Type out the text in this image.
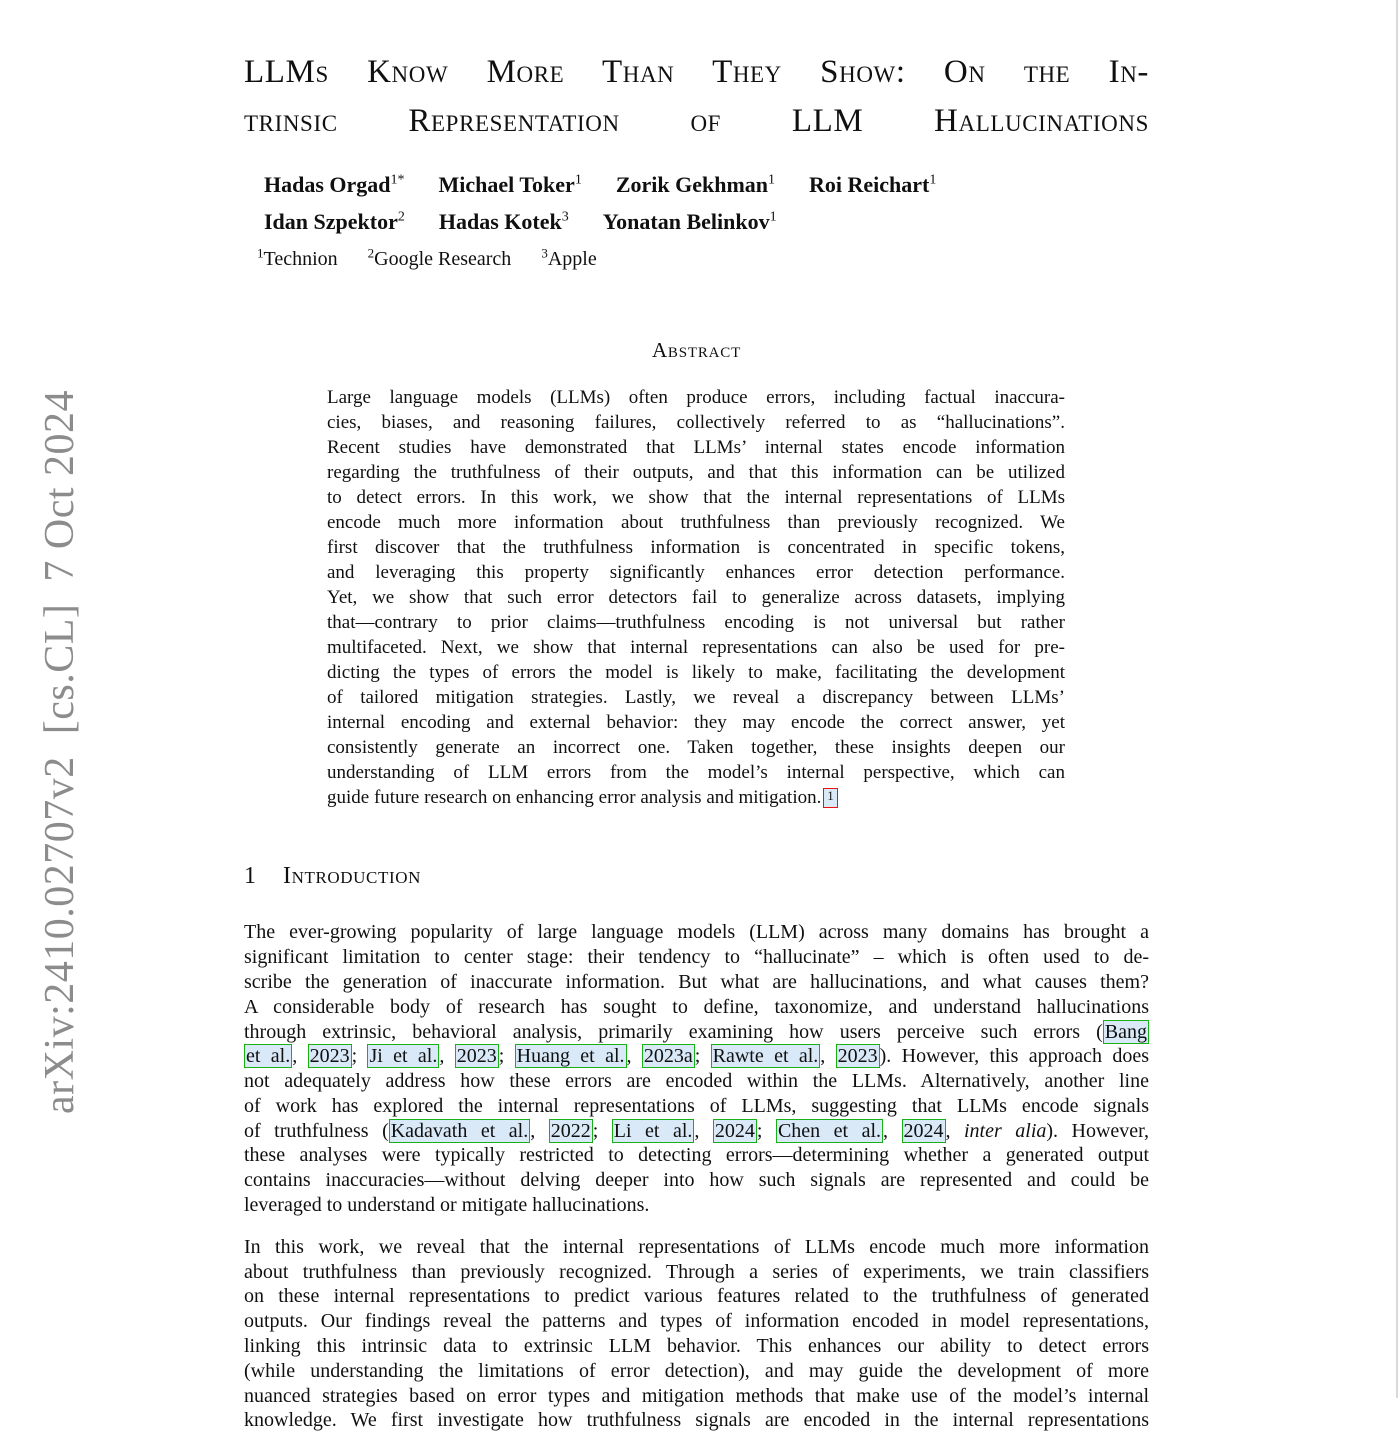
arXiv:2410.02707v2  [cs.CL]  7 Oct 2024
LLMs Know More Than They Show: On the In-
trinsic Representation of LLM Hallucinations
Hadas Orgad$^{1*}$ Michael Toker$^1$ Zorik Gekhman$^1$ Roi Reichart$^1$
Idan Szpektor$^2$ Hadas Kotek$^3$ Yonatan Belinkov$^1$
$^1$Technion $^2$Google Research $^3$Apple
Abstract
Large language models (LLMs) often produce errors, including factual inaccura-
cies, biases, and reasoning failures, collectively referred to as “hallucinations”.
Recent studies have demonstrated that LLMs’ internal states encode information
regarding the truthfulness of their outputs, and that this information can be utilized
to detect errors. In this work, we show that the internal representations of LLMs
encode much more information about truthfulness than previously recognized. We
first discover that the truthfulness information is concentrated in specific tokens,
and leveraging this property significantly enhances error detection performance.
Yet, we show that such error detectors fail to generalize across datasets, implying
that—contrary to prior claims—truthfulness encoding is not universal but rather
multifaceted. Next, we show that internal representations can also be used for pre-
dicting the types of errors the model is likely to make, facilitating the development
of tailored mitigation strategies. Lastly, we reveal a discrepancy between LLMs’
internal encoding and external behavior: they may encode the correct answer, yet
consistently generate an incorrect one. Taken together, these insights deepen our
understanding of LLM errors from the model’s internal perspective, which can
guide future research on enhancing error analysis and mitigation. 1
1 Introduction
The ever-growing popularity of large language models (LLM) across many domains has brought a
significant limitation to center stage: their tendency to “hallucinate” – which is often used to de-
scribe the generation of inaccurate information. But what are hallucinations, and what causes them?
A considerable body of research has sought to define, taxonomize, and understand hallucinations
through extrinsic, behavioral analysis, primarily examining how users perceive such errors ( Bang
et al. , 2023 ; Ji et al. , 2023 ; Huang et al. , 2023a ; Rawte et al. , 2023 ). However, this approach does
not adequately address how these errors are encoded within the LLMs. Alternatively, another line
of work has explored the internal representations of LLMs, suggesting that LLMs encode signals
of truthfulness ( Kadavath et al. , 2022 ; Li et al. , 2024 ; Chen et al. , 2024 , inter alia). However,
these analyses were typically restricted to detecting errors—determining whether a generated output
contains inaccuracies—without delving deeper into how such signals are represented and could be
leveraged to understand or mitigate hallucinations.
In this work, we reveal that the internal representations of LLMs encode much more information
about truthfulness than previously recognized. Through a series of experiments, we train classifiers
on these internal representations to predict various features related to the truthfulness of generated
outputs. Our findings reveal the patterns and types of information encoded in model representations,
linking this intrinsic data to extrinsic LLM behavior. This enhances our ability to detect errors
(while understanding the limitations of error detection), and may guide the development of more
nuanced strategies based on error types and mitigation methods that make use of the model’s internal
knowledge. We first investigate how truthfulness signals are encoded in the internal representations
